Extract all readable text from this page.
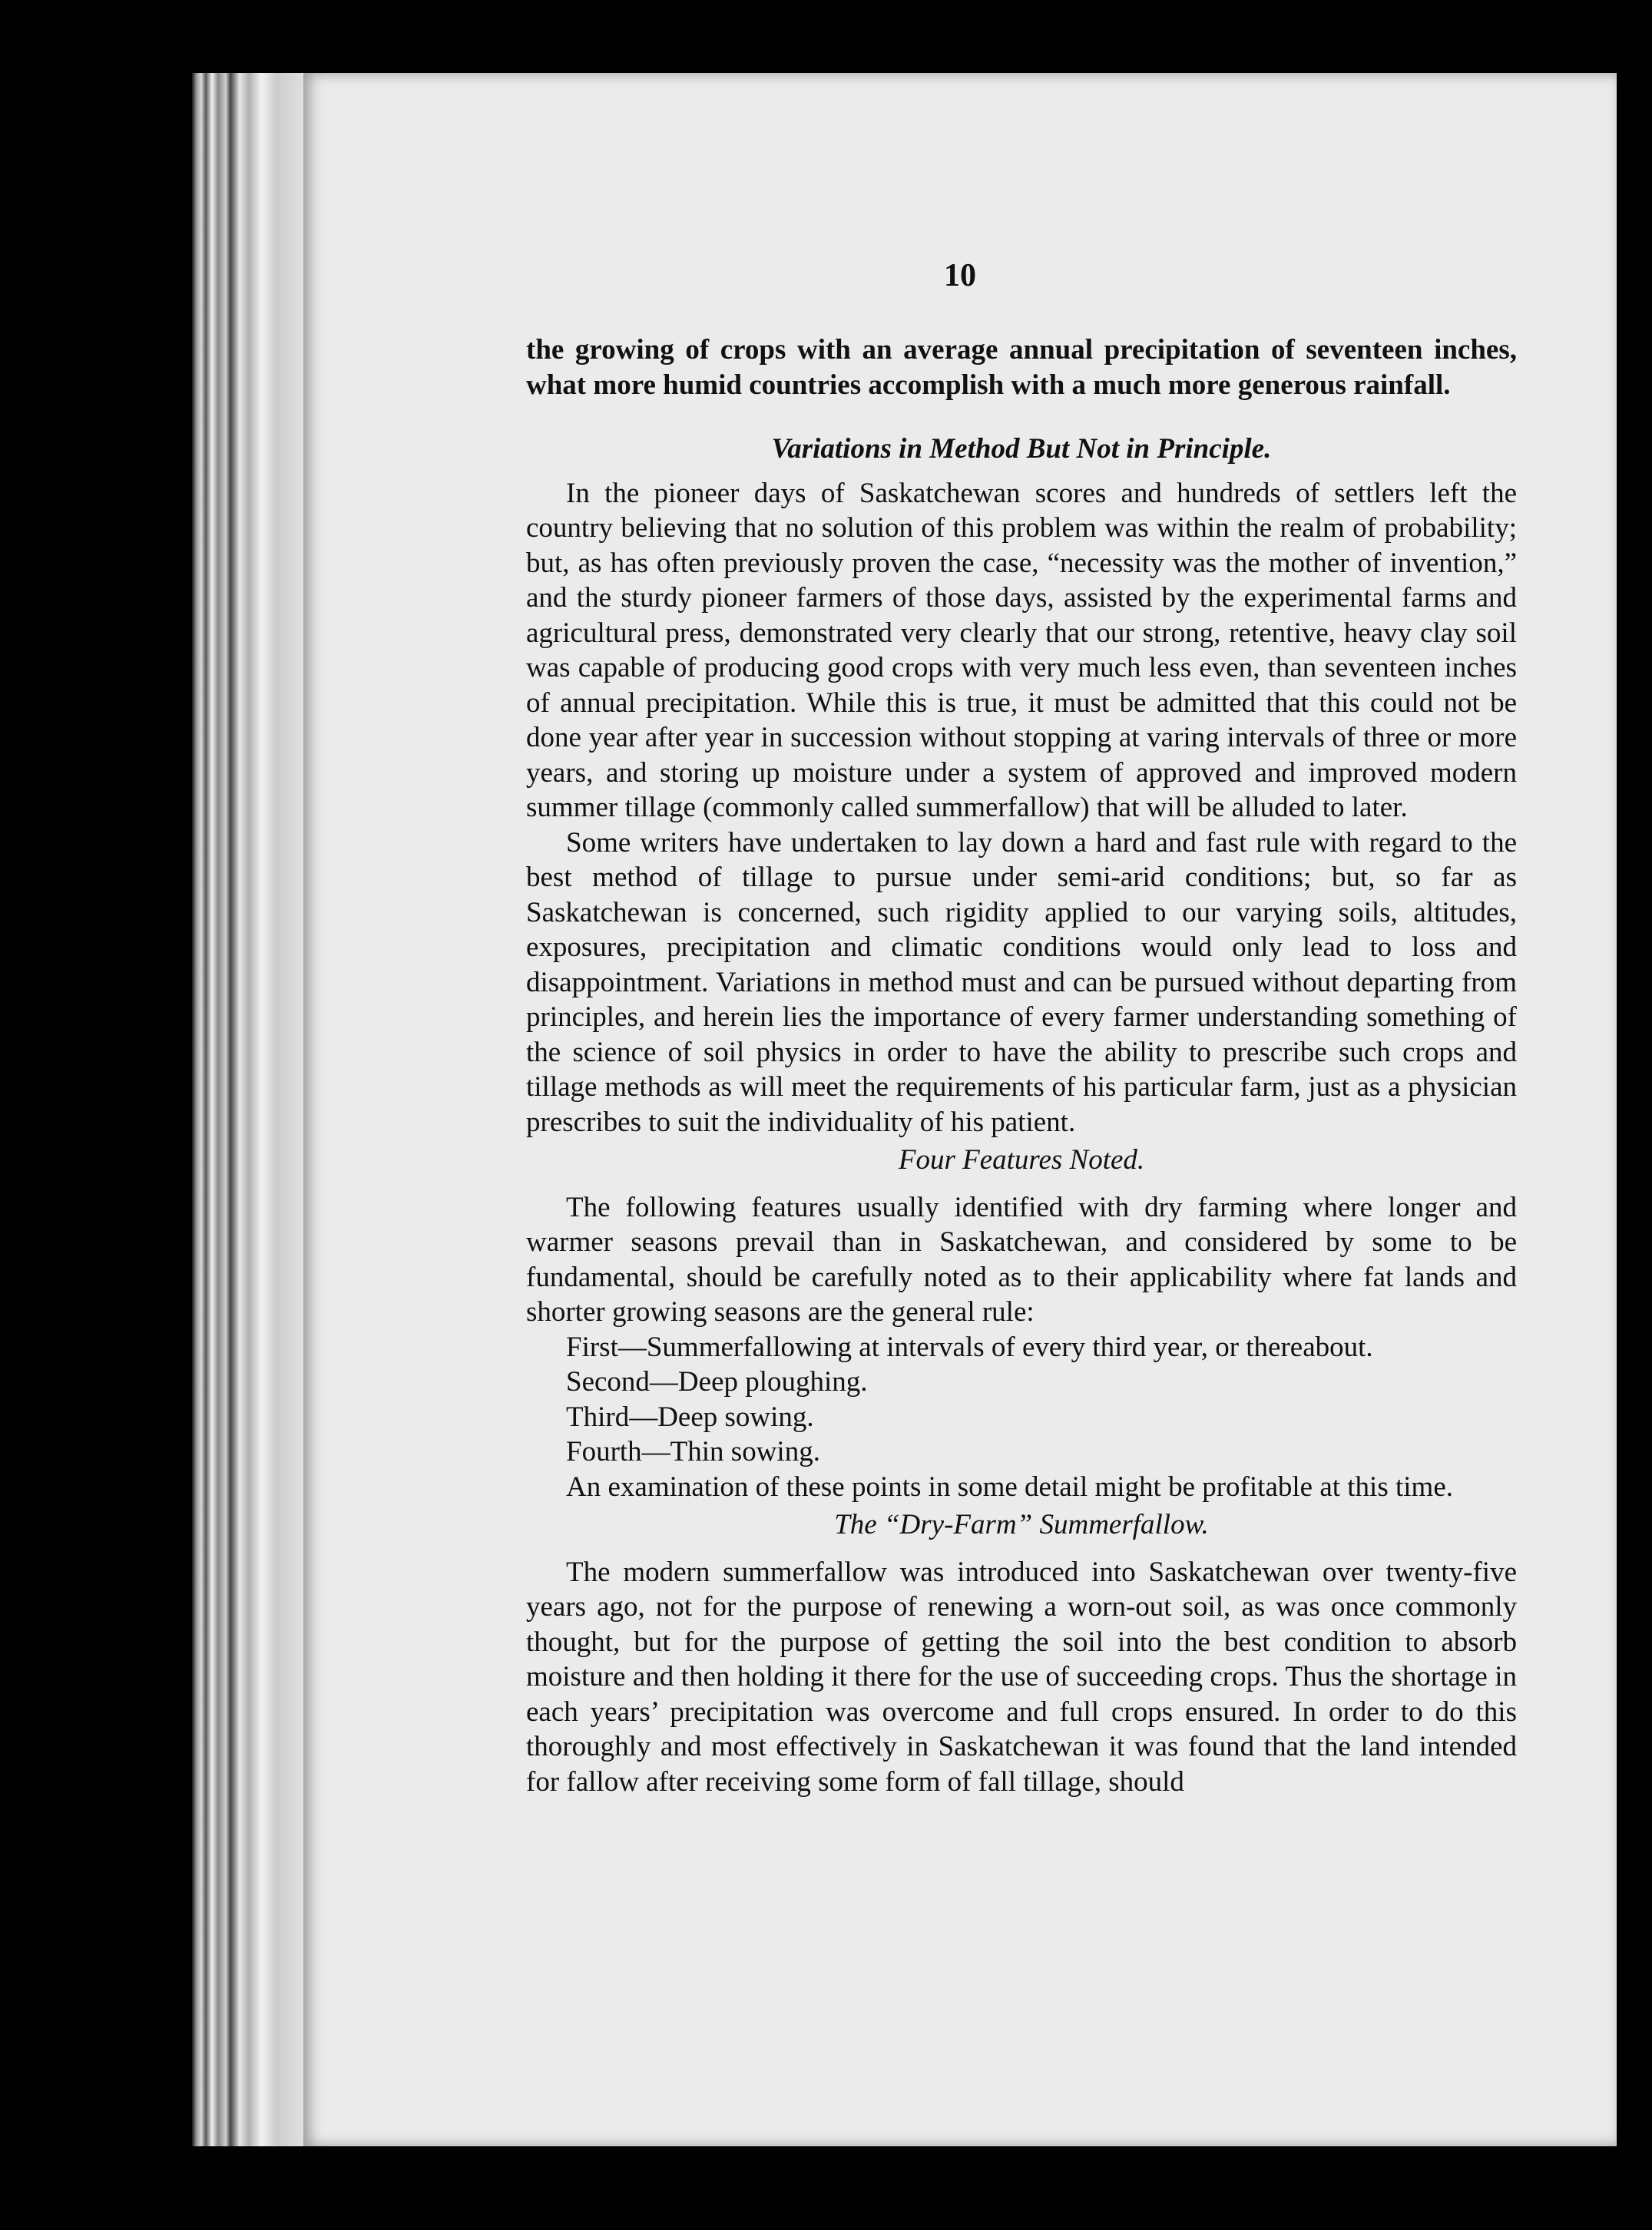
10

the growing of crops with an average annual precipitation of seventeen inches, what more humid countries accomplish with a much more generous rainfall.

Variations in Method But Not in Principle.

In the pioneer days of Saskatchewan scores and hundreds of settlers left the country believing that no solution of this problem was within the realm of probability; but, as has often previously proven the case, “necessity was the mother of invention,” and the sturdy pioneer farmers of those days, assisted by the experimental farms and agricultural press, demonstrated very clearly that our strong, retentive, heavy clay soil was capable of producing good crops with very much less even, than seventeen inches of annual precipitation. While this is true, it must be admitted that this could not be done year after year in succession without stopping at varing intervals of three or more years, and storing up moisture under a system of approved and improved modern summer tillage (commonly called summerfallow) that will be alluded to later.

Some writers have undertaken to lay down a hard and fast rule with regard to the best method of tillage to pursue under semi-arid conditions; but, so far as Saskatchewan is concerned, such rigidity applied to our varying soils, altitudes, exposures, precipitation and climatic conditions would only lead to loss and disappointment. Variations in method must and can be pursued without departing from principles, and herein lies the importance of every farmer understanding something of the science of soil physics in order to have the ability to prescribe such crops and tillage methods as will meet the requirements of his particular farm, just as a physician prescribes to suit the individuality of his patient.

Four Features Noted.

The following features usually identified with dry farming where longer and warmer seasons prevail than in Saskatchewan, and considered by some to be fundamental, should be carefully noted as to their applicability where fat lands and shorter growing seasons are the general rule:

First—Summerfallowing at intervals of every third year, or thereabout.

Second—Deep ploughing.

Third—Deep sowing.

Fourth—Thin sowing.

An examination of these points in some detail might be profitable at this time.

The “Dry-Farm” Summerfallow.

The modern summerfallow was introduced into Saskatchewan over twenty-five years ago, not for the purpose of renewing a worn-out soil, as was once commonly thought, but for the purpose of getting the soil into the best condition to absorb moisture and then holding it there for the use of succeeding crops. Thus the shortage in each years’ precipitation was overcome and full crops ensured. In order to do this thoroughly and most effectively in Saskatchewan it was found that the land intended for fallow after receiving some form of fall tillage, should
